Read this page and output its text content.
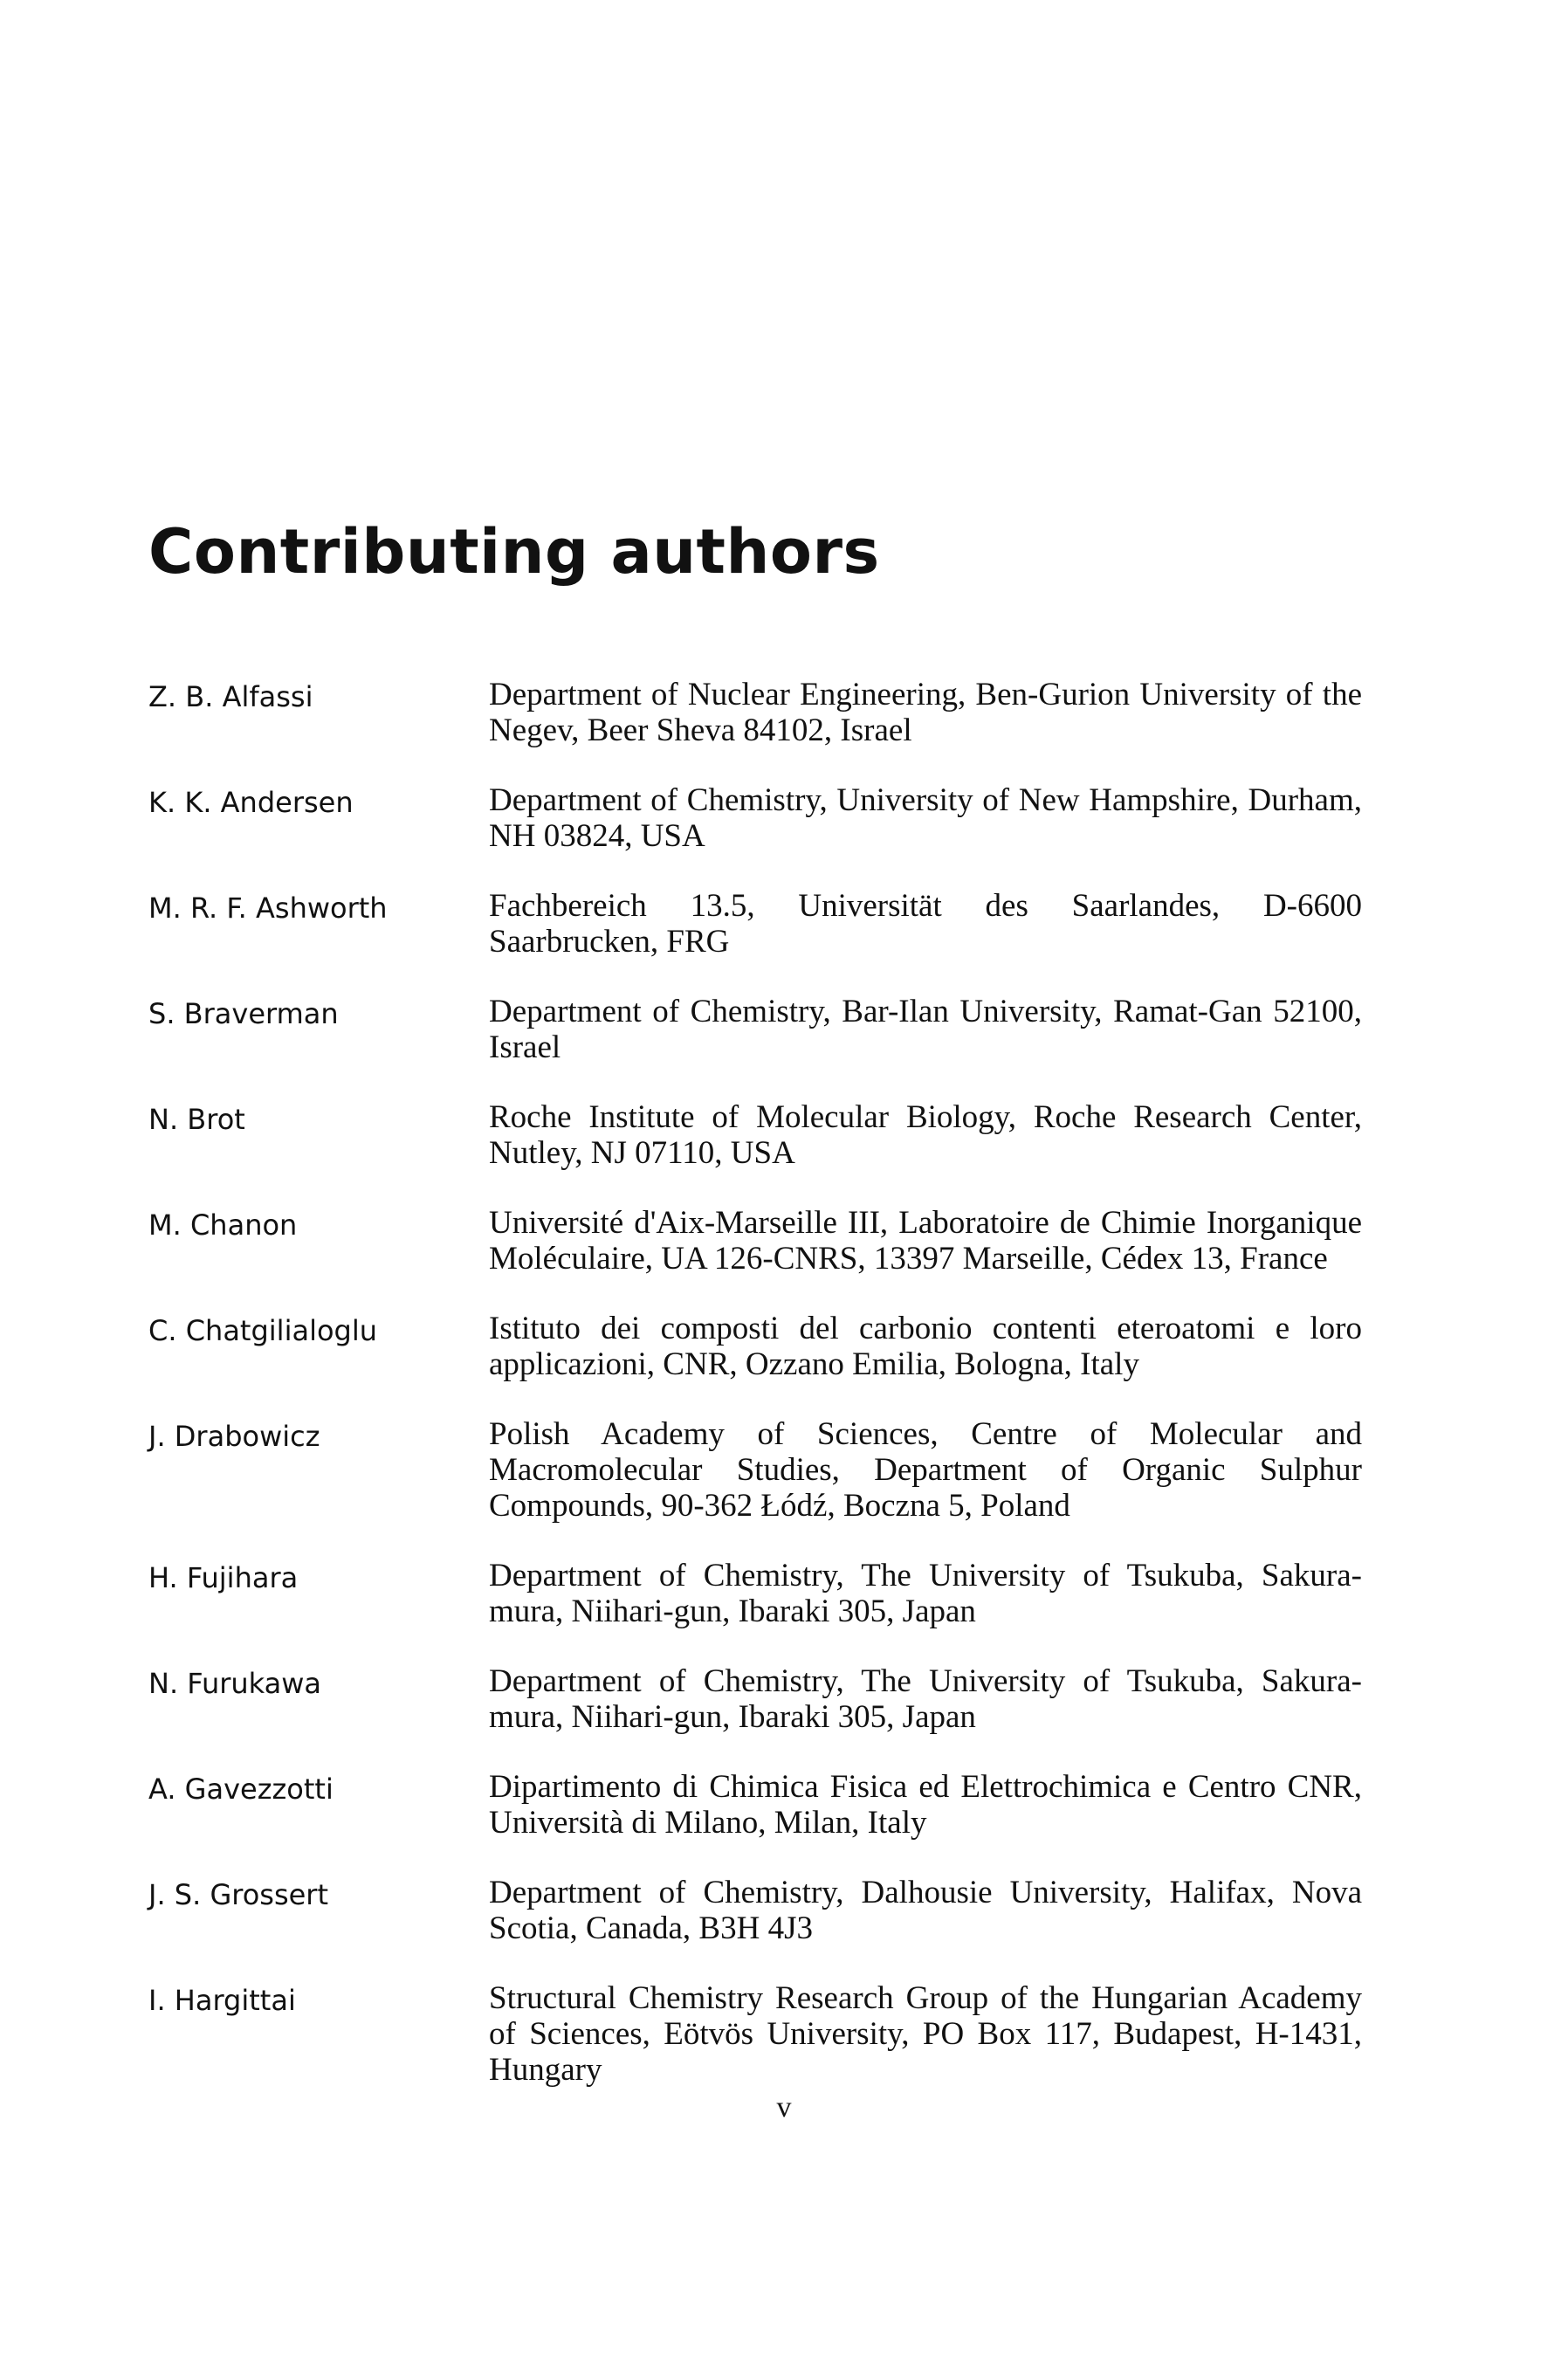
Contributing authors
Z. B. Alfassi	Department of Nuclear Engineering, Ben-Gurion University of the Negev, Beer Sheva 84102, Israel
K. K. Andersen	Department of Chemistry, University of New Hampshire, Durham, NH 03824, USA
M. R. F. Ashworth	Fachbereich 13.5, Universität des Saarlandes, D-6600 Saarbrucken, FRG
S. Braverman	Department of Chemistry, Bar-Ilan University, Ramat-Gan 52100, Israel
N. Brot	Roche Institute of Molecular Biology, Roche Research Center, Nutley, NJ 07110, USA
M. Chanon	Université d'Aix-Marseille III, Laboratoire de Chimie Inorganique Moléculaire, UA 126-CNRS, 13397 Marseille, Cédex 13, France
C. Chatgilialoglu	Istituto dei composti del carbonio contenti eteroatomi e loro applicazioni, CNR, Ozzano Emilia, Bologna, Italy
J. Drabowicz	Polish Academy of Sciences, Centre of Molecular and Macromolecular Studies, Department of Organic Sulphur Compounds, 90-362 Łódź, Boczna 5, Poland
H. Fujihara	Department of Chemistry, The University of Tsukuba, Sakura-mura, Niihari-gun, Ibaraki 305, Japan
N. Furukawa	Department of Chemistry, The University of Tsukuba, Sakura-mura, Niihari-gun, Ibaraki 305, Japan
A. Gavezzotti	Dipartimento di Chimica Fisica ed Elettrochimica e Centro CNR, Università di Milano, Milan, Italy
J. S. Grossert	Department of Chemistry, Dalhousie University, Halifax, Nova Scotia, Canada, B3H 4J3
I. Hargittai	Structural Chemistry Research Group of the Hungarian Academy of Sciences, Eötvös University, PO Box 117, Budapest, H-1431, Hungary
v
